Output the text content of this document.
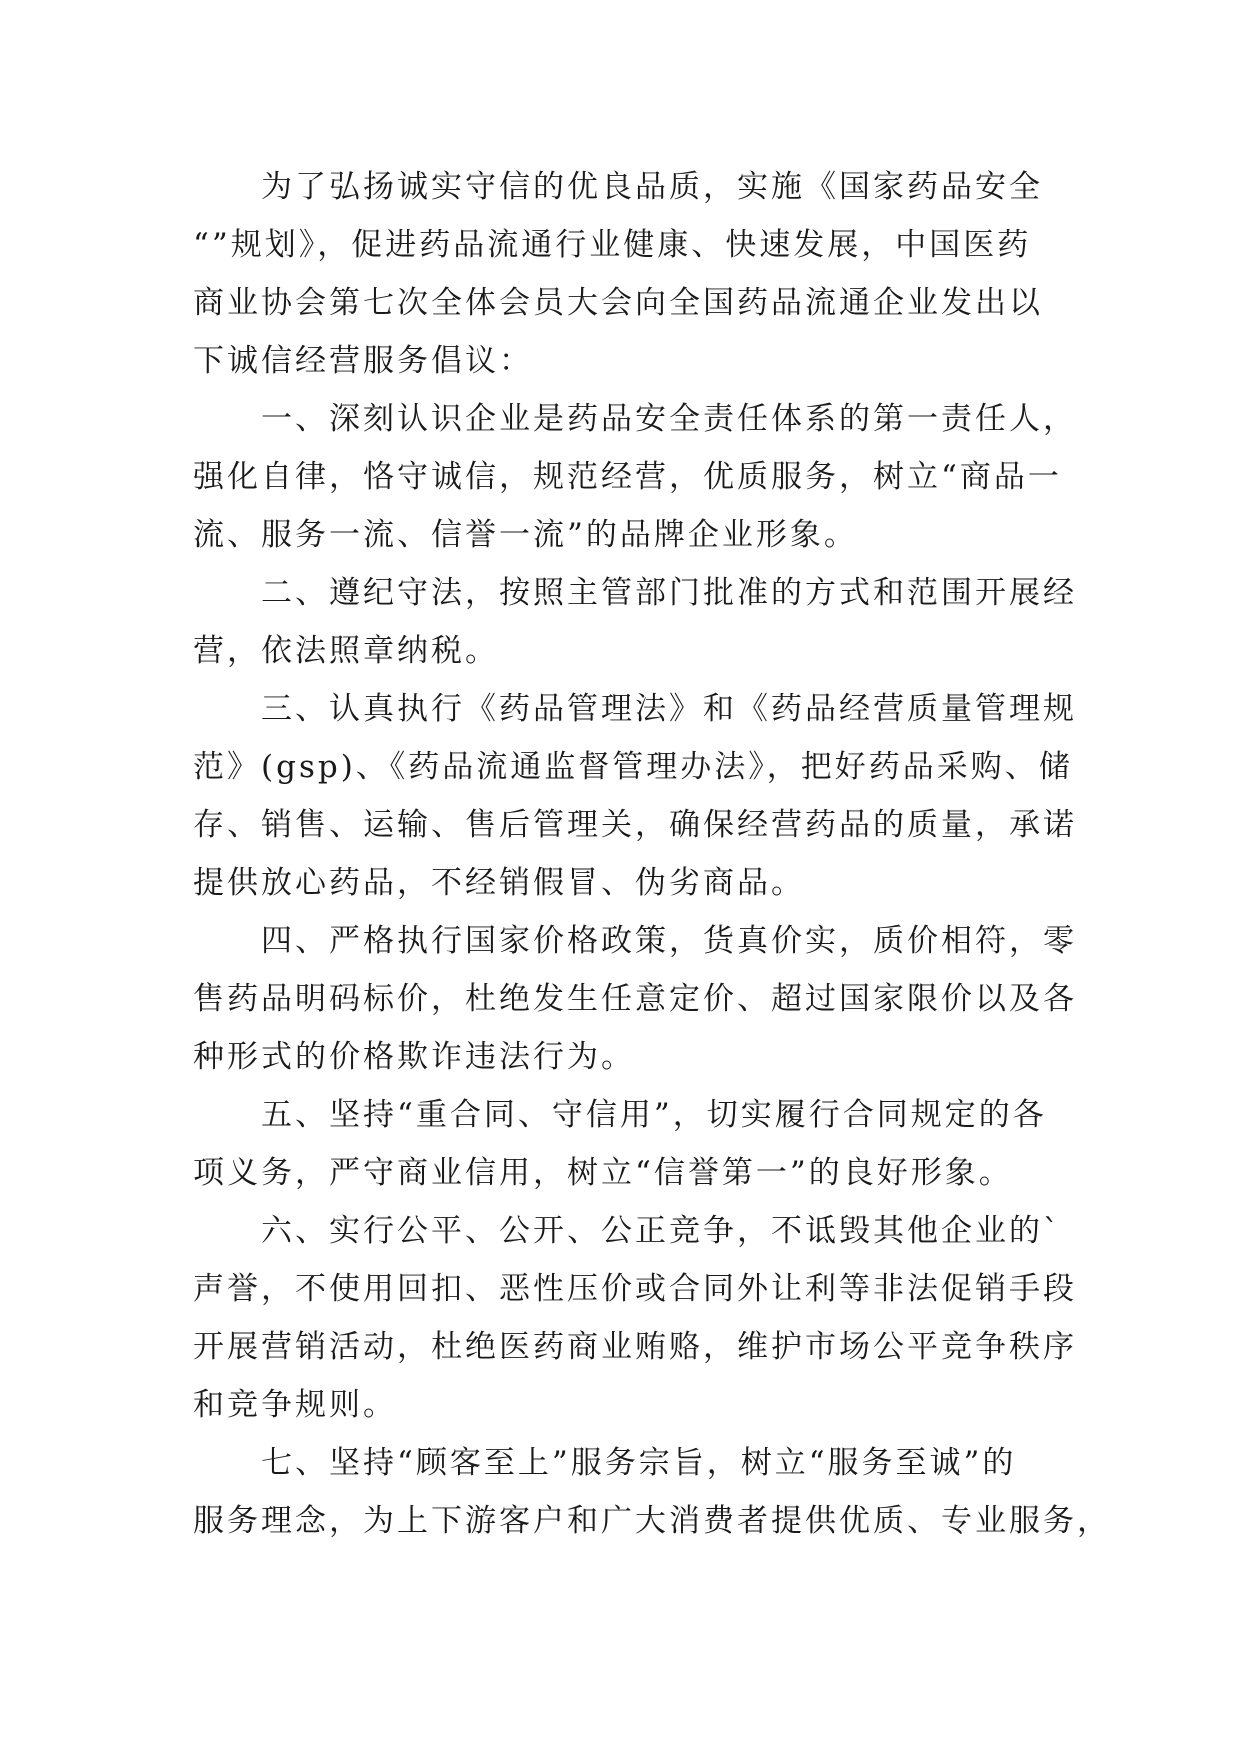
为了弘扬诚实守信的优良品质，实施《国家药品安全
“”规划》，促进药品流通行业健康、快速发展，中国医药
商业协会第七次全体会员大会向全国药品流通企业发出以
下诚信经营服务倡议：
一、深刻认识企业是药品安全责任体系的第一责任人，
强化自律，恪守诚信，规范经营，优质服务，树立“商品一
流、服务一流、信誉一流”的品牌企业形象。
二、遵纪守法，按照主管部门批准的方式和范围开展经
营，依法照章纳税。
三、认真执行《药品管理法》和《药品经营质量管理规
范》(gsp)、《药品流通监督管理办法》，把好药品采购、储
存、销售、运输、售后管理关，确保经营药品的质量，承诺
提供放心药品，不经销假冒、伪劣商品。
四、严格执行国家价格政策，货真价实，质价相符，零
售药品明码标价，杜绝发生任意定价、超过国家限价以及各
种形式的价格欺诈违法行为。
五、坚持“重合同、守信用”，切实履行合同规定的各
项义务，严守商业信用，树立“信誉第一”的良好形象。
六、实行公平、公开、公正竞争，不诋毁其他企业的`
声誉，不使用回扣、恶性压价或合同外让利等非法促销手段
开展营销活动，杜绝医药商业贿赂，维护市场公平竞争秩序
和竞争规则。
七、坚持“顾客至上”服务宗旨，树立“服务至诚”的
服务理念，为上下游客户和广大消费者提供优质、专业服务，
